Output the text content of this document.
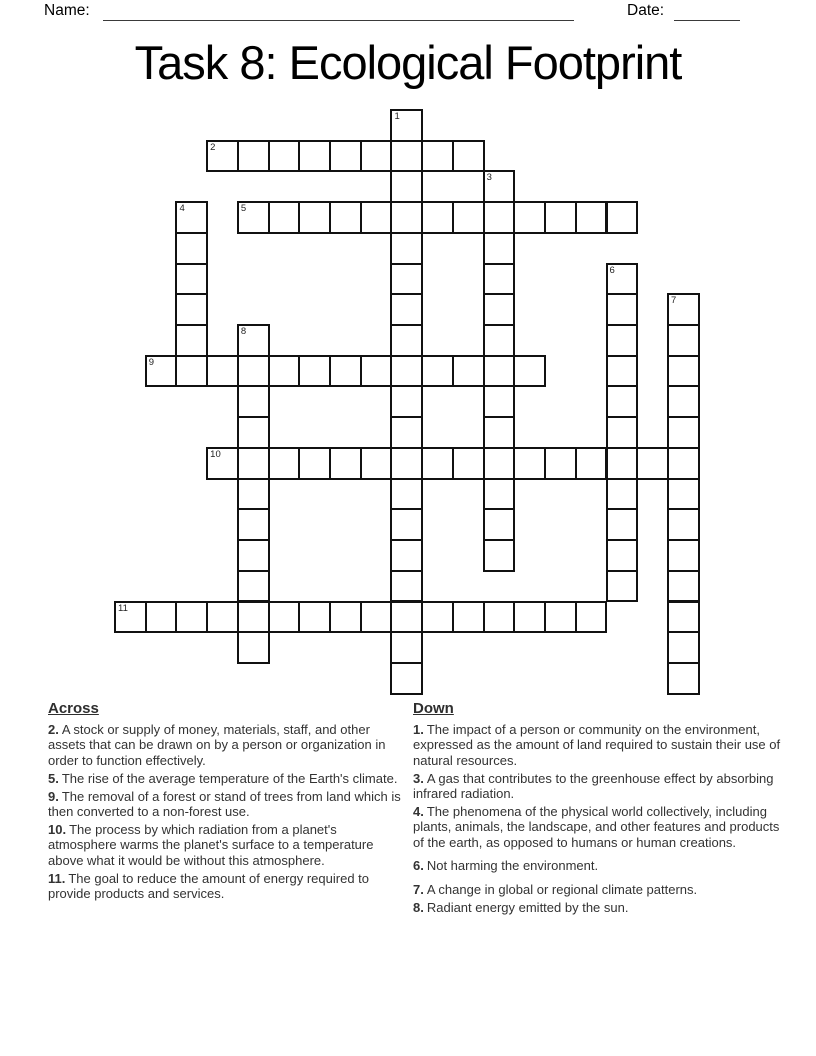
Name:	Date:
Task 8: Ecological Footprint
1
2
3
4	5
6
7
8
9
10
11

Across

2. A stock or supply of money, materials, staff, and other assets that can be drawn on by a person or organization in order to function effectively.

5. The rise of the average temperature of the Earth's climate.

9. The removal of a forest or stand of trees from land which is then converted to a non-forest use.

10. The process by which radiation from a planet's atmosphere warms the planet's surface to a temperature above what it would be without this atmosphere.

11. The goal to reduce the amount of energy required to provide products and services.

Down

1. The impact of a person or community on the environment, expressed as the amount of land required to sustain their use of natural resources.

3. A gas that contributes to the greenhouse effect by absorbing infrared radiation.

4. The phenomena of the physical world collectively, including plants, animals, the landscape, and other features and products of the earth, as opposed to humans or human creations.

6. Not harming the environment.

7. A change in global or regional climate patterns.

8. Radiant energy emitted by the sun.
